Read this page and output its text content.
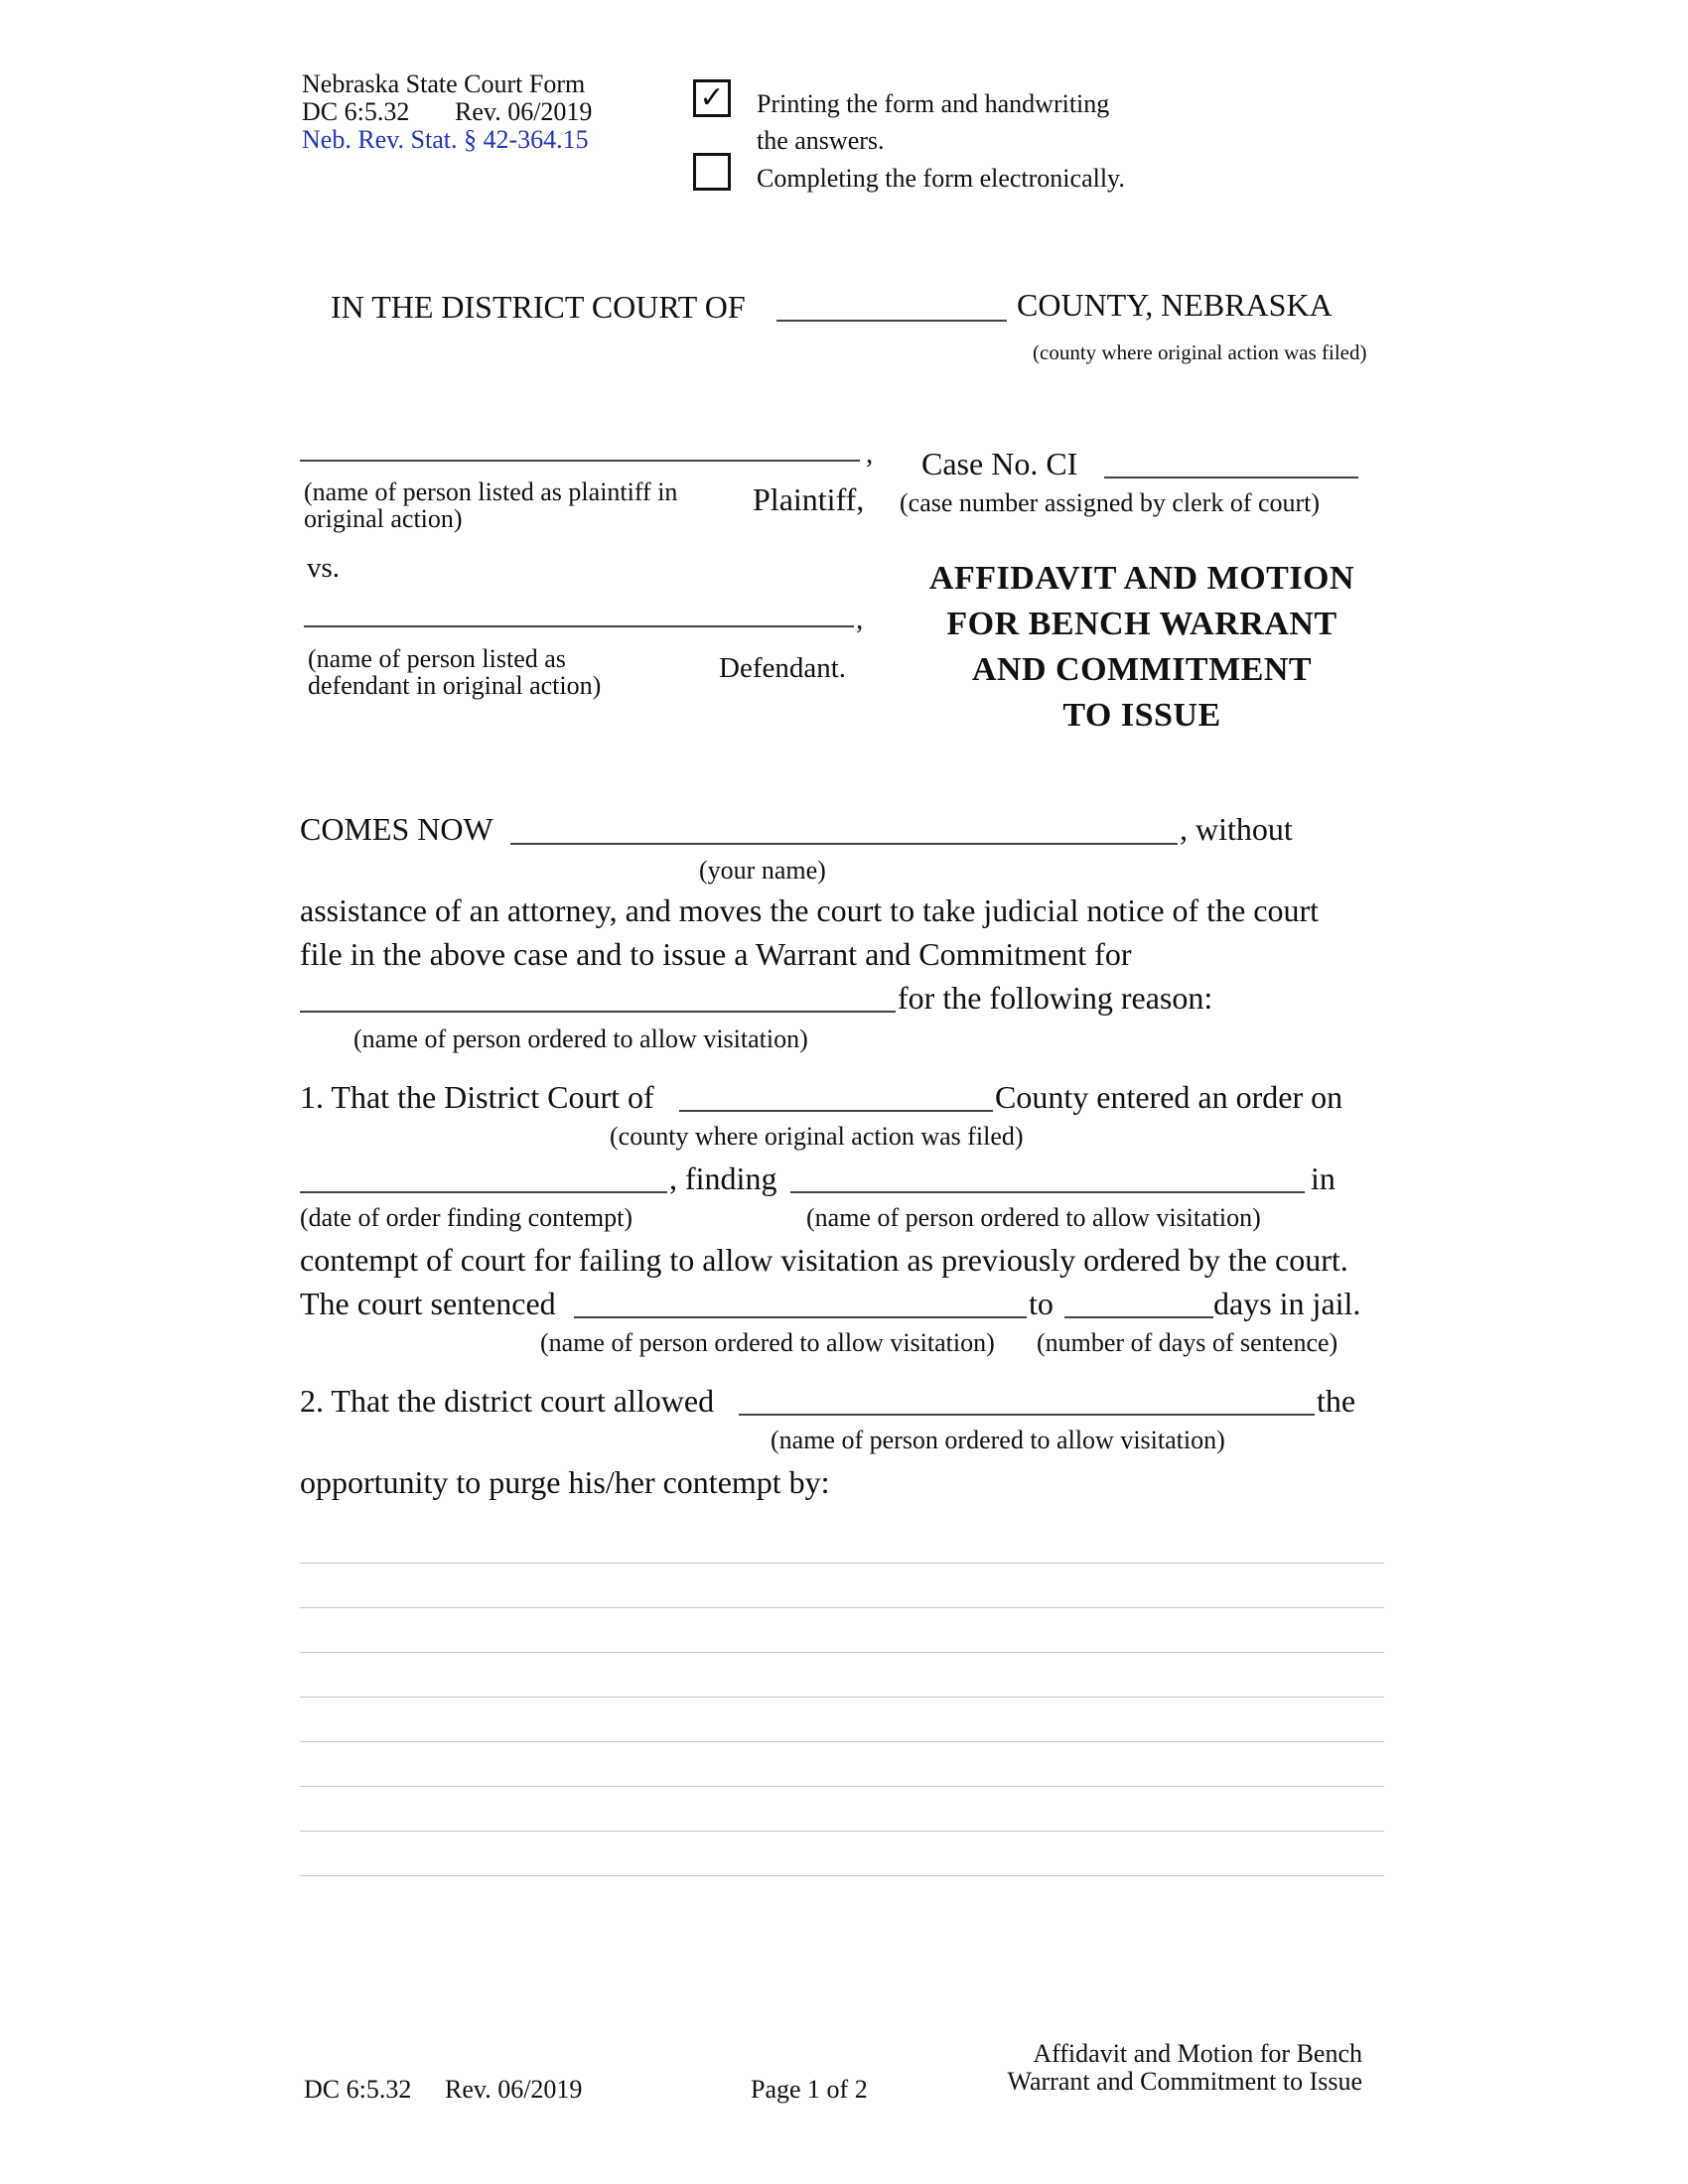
Nebraska State Court Form
DC 6:5.32 Rev. 06/2019
Neb. Rev. Stat. § 42-364.15
✓ Printing the form and handwriting
the answers.
Completing the form electronically.
IN THE DISTRICT COURT OF	COUNTY, NEBRASKA
(county where original action was filed)
,
(name of person listed as plaintiff in original action)
Plaintiff,
Case No. CI
(case number assigned by clerk of court)
vs.
,
(name of person listed as defendant in original action)
Defendant.
AFFIDAVIT AND MOTION
FOR BENCH WARRANT
AND COMMITMENT
TO ISSUE
COMES NOW	, without
(your name)
assistance of an attorney, and moves the court to take judicial notice of the court
file in the above case and to issue a Warrant and Commitment for
for the following reason:
(name of person ordered to allow visitation)
1. That the District Court of	County entered an order on
(county where original action was filed)
, finding	in
(date of order finding contempt)	(name of person ordered to allow visitation)
contempt of court for failing to allow visitation as previously ordered by the court.
The court sentenced	to	days in jail.
(name of person ordered to allow visitation) (number of days of sentence)
2. That the district court allowed	the
(name of person ordered to allow visitation)
opportunity to purge his/her contempt by:
DC 6:5.32 Rev. 06/2019	Page 1 of 2
Affidavit and Motion for Bench
Warrant and Commitment to Issue
